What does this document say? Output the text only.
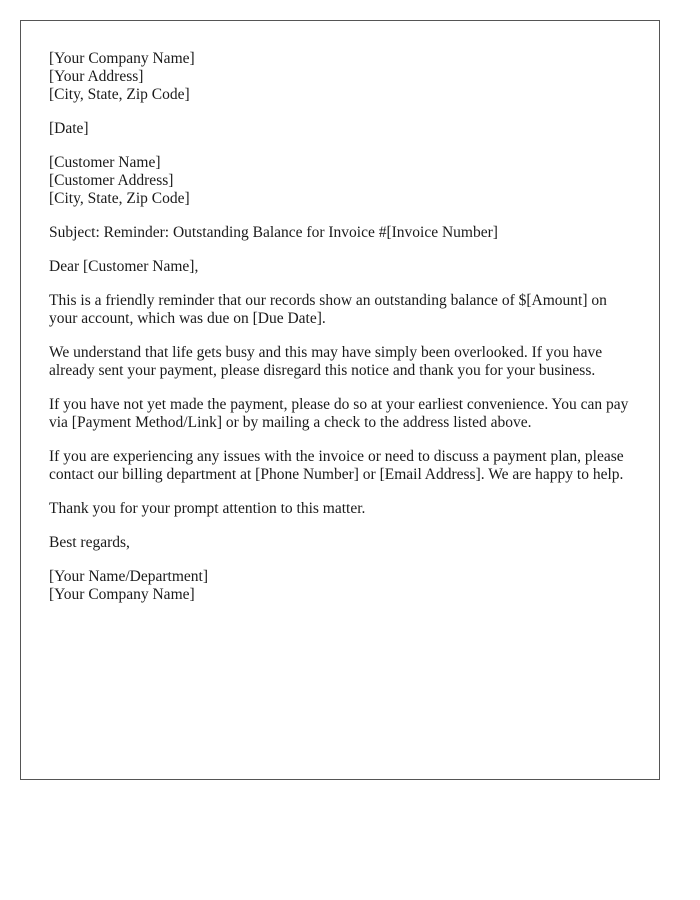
[Your Company Name]
[Your Address]
[City, State, Zip Code]
[Date]
[Customer Name]
[Customer Address]
[City, State, Zip Code]

Subject: Reminder: Outstanding Balance for Invoice #[Invoice Number]

Dear [Customer Name],

This is a friendly reminder that our records show an outstanding balance of $[Amount] on your account, which was due on [Due Date].

We understand that life gets busy and this may have simply been overlooked. If you have already sent your payment, please disregard this notice and thank you for your business.

If you have not yet made the payment, please do so at your earliest convenience. You can pay via [Payment Method/Link] or by mailing a check to the address listed above.

If you are experiencing any issues with the invoice or need to discuss a payment plan, please contact our billing department at [Phone Number] or [Email Address]. We are happy to help.

Thank you for your prompt attention to this matter.

Best regards,

[Your Name/Department]
[Your Company Name]
